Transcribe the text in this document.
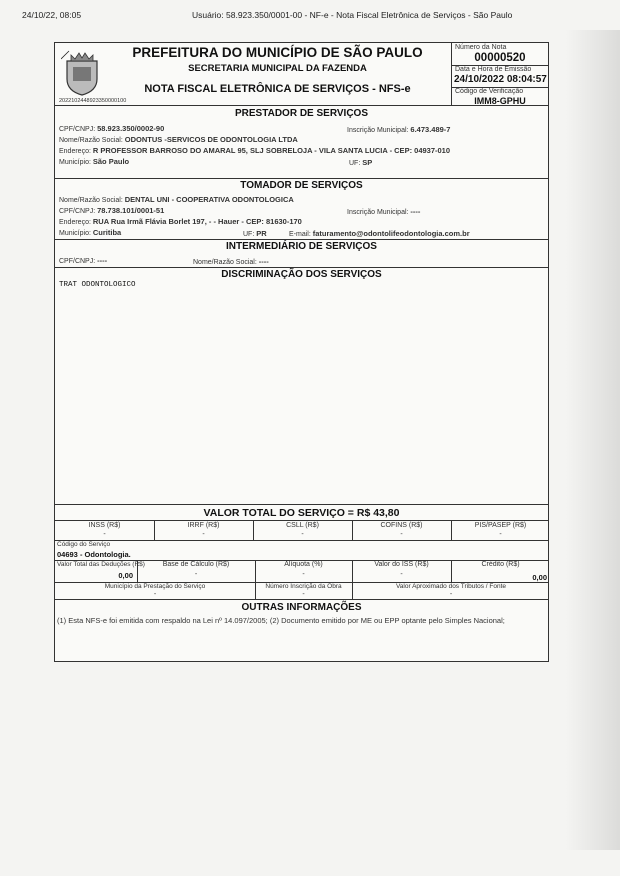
24/10/22, 08:05	Usuário: 58.923.350/0001-00 - NF-e - Nota Fiscal Eletrônica de Serviços - São Paulo
2022102448923350000100
PREFEITURA DO MUNICÍPIO DE SÃO PAULO
SECRETARIA MUNICIPAL DA FAZENDA
NOTA FISCAL ELETRÔNICA DE SERVIÇOS - NFS-e
Número da Nota
00000520
Data e Hora de Emissão
24/10/2022 08:04:57
Código de Verificação
IMM8-GPHU
PRESTADOR DE SERVIÇOS
CPF/CNPJ: 58.923.350/0002-90	Inscrição Municipal: 6.473.489-7
Nome/Razão Social: ODONTUS -SERVICOS DE ODONTOLOGIA LTDA
Endereço: R PROFESSOR BARROSO DO AMARAL 95, SLJ SOBRELOJA - VILA SANTA LUCIA - CEP: 04937-010
Município: São Paulo	UF: SP
TOMADOR DE SERVIÇOS
Nome/Razão Social: DENTAL UNI - COOPERATIVA ODONTOLOGICA
CPF/CNPJ: 78.738.101/0001-51	Inscrição Municipal: ----
Endereço: RUA Rua Irmã Flávia Borlet 197, - - Hauer - CEP: 81630-170
Município: Curitiba	UF: PR	E-mail: faturamento@odontolifeodontologia.com.br
INTERMEDIÁRIO DE SERVIÇOS
CPF/CNPJ: ----	Nome/Razão Social: ----
DISCRIMINAÇÃO DOS SERVIÇOS
TRAT ODONTOLOGICO
VALOR TOTAL DO SERVIÇO = R$ 43,80
INSS (R$)
-
IRRF (R$)
-
CSLL (R$)
-
COFINS (R$)
-
PIS/PASEP (R$)
-
Código do Serviço
04693 - Odontologia.
Valor Total das Deduções (R$)
0,00
Base de Cálculo (R$)
-
Alíquota (%)
-
Valor do ISS (R$)
-
Crédito (R$)
0,00
Município da Prestação do Serviço
-
Número Inscrição da Obra
-
Valor Aproximado dos Tributos / Fonte
-
OUTRAS INFORMAÇÕES
(1) Esta NFS-e foi emitida com respaldo na Lei nº 14.097/2005; (2) Documento emitido por ME ou EPP optante pelo Simples Nacional;
